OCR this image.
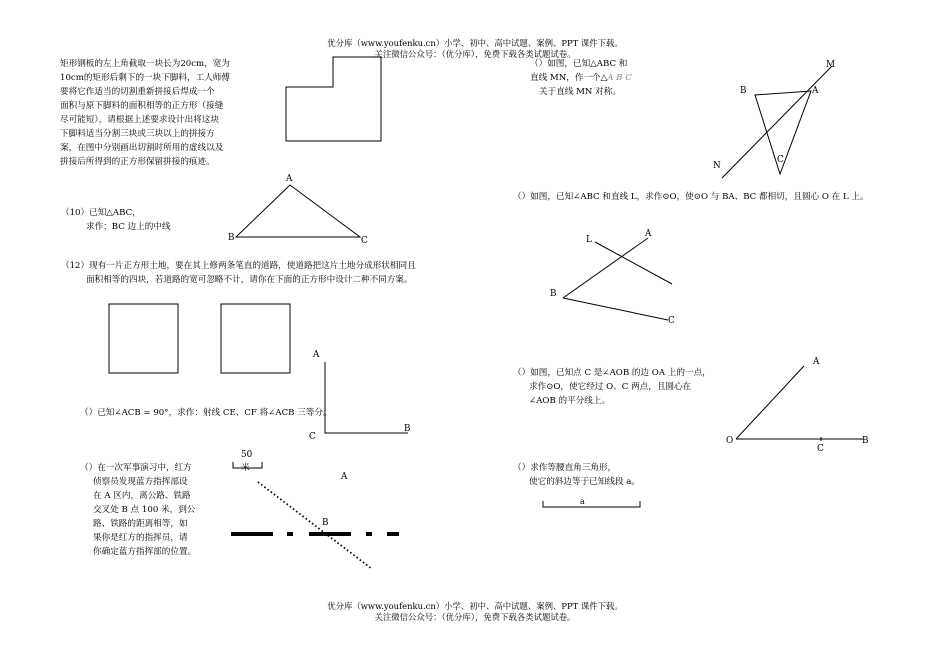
优分库（www.youfenku.cn）小学、初中、高中试题、案例、PPT 课件下载。
关注微信公众号：（优分库），免费下载各类试题试卷。
优分库（www.youfenku.cn）小学、初中、高中试题、案例、PPT 课件下载。
关注微信公众号：（优分库），免费下载各类试题试卷。
矩形钢板的左上角截取一块长为20cm，宽为
10cm的矩形后剩下的一块下脚料，工人师傅
要将它作适当的切割重新拼接后焊成一个
面积与原下脚料的面积相等的正方形（接缝
尽可能短），请根据上述要求设计出将这块
下脚料适当分割三块或三块以上的拼接方
案，在图中分别画出切割时所用的虚线以及
拼接后所得到的正方形保留拼接的痕迹。
（10）已知△ABC，
求作：BC 边上的中线
（12）现有一片正方形土地，要在其上修两条笔直的道路，使道路把这片土地分成形状相同且
面积相等的四块，若道路的宽可忽略不计，请你在下面的正方形中设计二种不同方案。
（）已知∠ACB = 90°，求作：射线 CE、CF 将∠ACB 三等分。
（）在一次军事演习中，红方
侦察员发现蓝方指挥部设
在 A 区内，离公路、铁路
交叉处 B 点 100 米，到公
路、铁路的距离相等，如
果你是红方的指挥员，请
你确定蓝方指挥部的位置。
（）如图，已知△ABC 和
直线 MN，作一个△A B C
关于直线 MN 对称。
（）如图，已知∠ABC 和直线 L，求作⊙O，使⊙O 与 BA、BC 都相切，且圆心 O 在 L 上。
（）如图，已知点 C 是∠AOB 的边 OA 上的一点，
求作⊙O，使它经过 O、C 两点，且圆心在
∠AOB 的平分线上。
（）求作等腰直角三角形，
使它的斜边等于已知线段 a。
A
B	C
A
C
B
50
米
A
B
M
A
B
N
C
L
A
B
C
A
O
C
B
a
